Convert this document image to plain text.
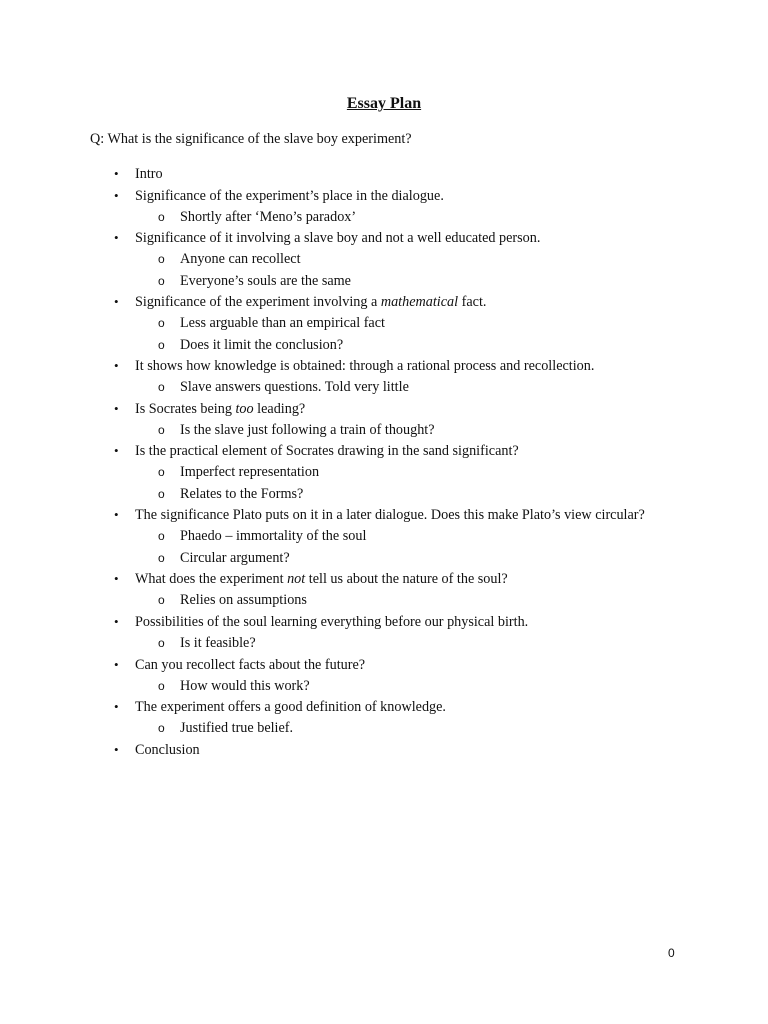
Essay Plan

Q: What is the significance of the slave boy experiment?

• Intro
• Significance of the experiment’s place in the dialogue.
o Shortly after ‘Meno’s paradox’
• Significance of it involving a slave boy and not a well educated person.
o Anyone can recollect
o Everyone’s souls are the same
• Significance of the experiment involving a mathematical fact.
o Less arguable than an empirical fact
o Does it limit the conclusion?
• It shows how knowledge is obtained: through a rational process and recollection.
o Slave answers questions. Told very little
• Is Socrates being too leading?
o Is the slave just following a train of thought?
• Is the practical element of Socrates drawing in the sand significant?
o Imperfect representation
o Relates to the Forms?
• The significance Plato puts on it in a later dialogue. Does this make Plato’s view circular?
o Phaedo – immortality of the soul
o Circular argument?
• What does the experiment not tell us about the nature of the soul?
o Relies on assumptions
• Possibilities of the soul learning everything before our physical birth.
o Is it feasible?
• Can you recollect facts about the future?
o How would this work?
• The experiment offers a good definition of knowledge.
o Justified true belief.
• Conclusion
0
